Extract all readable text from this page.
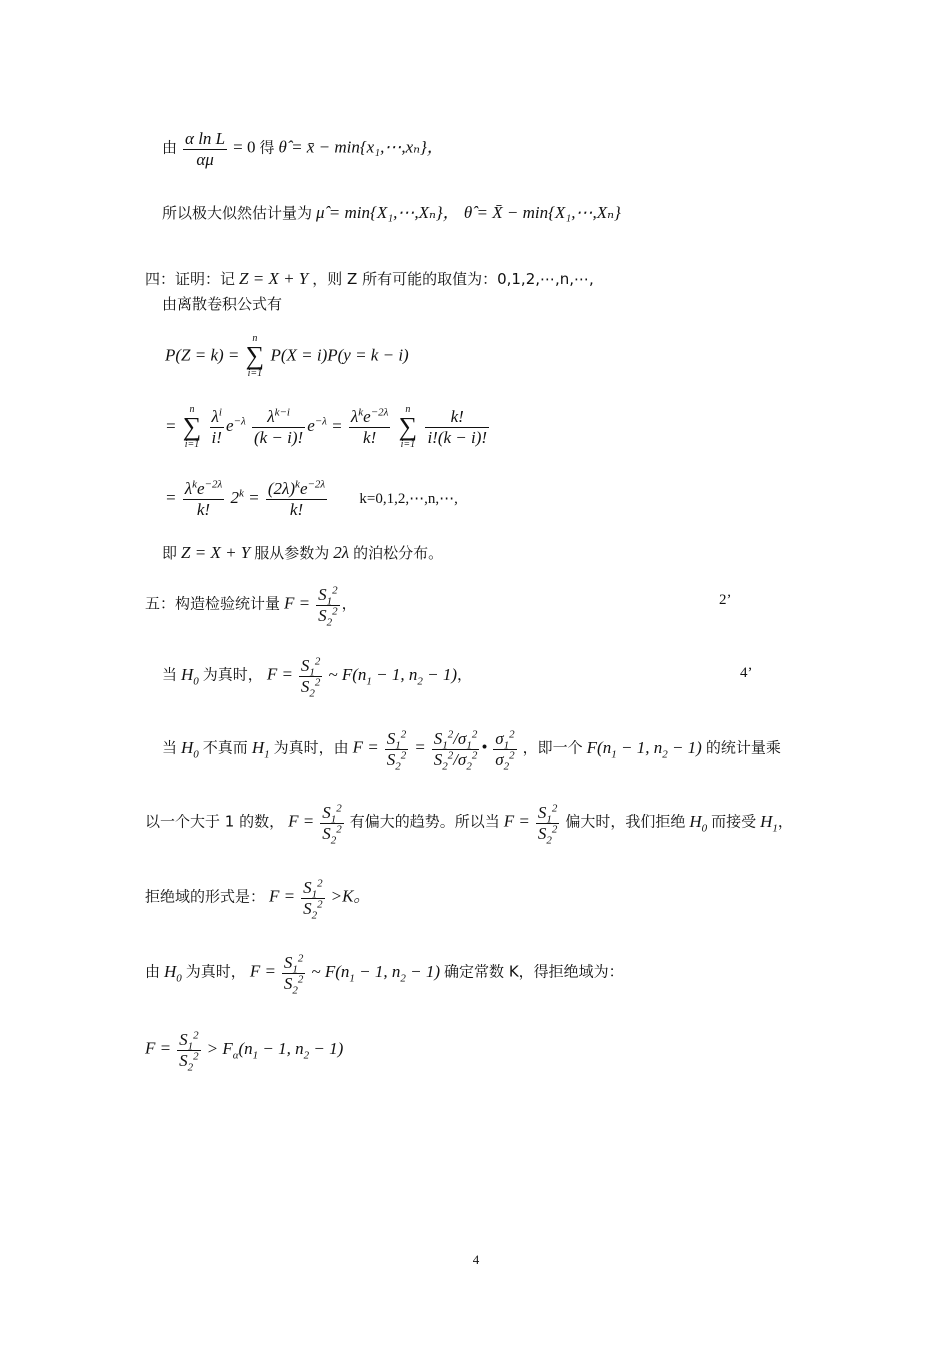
由 $\frac{\text{α ln L}}{\alpha\mu} = 0$ 得 θ̂ = x̄ − min{x₁,⋯,xₙ}，
所以极大似然估计量为 μ̂ = min{X₁,⋯,Xₙ}， θ̂ = X̄ − min{X₁,⋯,Xₙ}
四：证明：记 Z = X + Y ，则 Z 所有可能的取值为：0,1,2,⋯,n,⋯,
由离散卷积公式有
P(Z = k) =
n
∑
i=1
P(X = i)P(y = k − i)
=
n
∑
i=1
$\frac{\lambda^i}{i!} e^{-\lambda} \frac{\lambda^{k-i}}{(k - i)!} e^{-\lambda} = \frac{\lambda^ke^{-2\lambda}}{k!}$
	n
∑
i=1
$\frac{k!}{i!(k - i)!}$
= $\frac{\lambda^ke^{-2\lambda}}{k!} 2^k = \frac{(2\lambda)^ke^{-2\lambda}}{k!}$ k=0,1,2,⋯,n,⋯,
即 Z = X + Y 服从参数为 2λ 的泊松分布。
五：构造检验统计量 $F = \frac{S_1^2}{S_2^2}$ ，	2’
当 $H_0$ 为真时， $F = \frac{S_1^2}{S_2^2}$ ~ $F(n_1 - 1$, $n_2 - 1$)，	4’
当 $H_0$ 不真而 $H_1$ 为真时，由 $F = \frac{S_1^2}{S_2^2} = \frac{S_1^2/\sigma_1^2}{S_2^2/\sigma_2^2}$ • $\frac{\sigma_1^2}{\sigma_2^2}$ ，即一个 $F(n_1 - 1$, $n_2 - 1$) 的统计量乘
以一个大于 1 的数， $F = \frac{S_1^2}{S_2^2}$ 有偏大的趋势。所以当 $F = \frac{S_1^2}{S_2^2}$ 偏大时，我们拒绝 $H_0$ 而接受 $H_1$，
拒绝域的形式是： $F = \frac{S_1^2}{S_2^2} >K$。
由 $H_0$ 为真时， $F = \frac{S_1^2}{S_2^2}$ ~ $F(n_1 - 1$, $n_2 - 1$) 确定常数 K，得拒绝域为：
$F = \frac{S_1^2}{S_2^2} > F_\alpha(n_1 - 1$, $n_2 - 1$)
4
